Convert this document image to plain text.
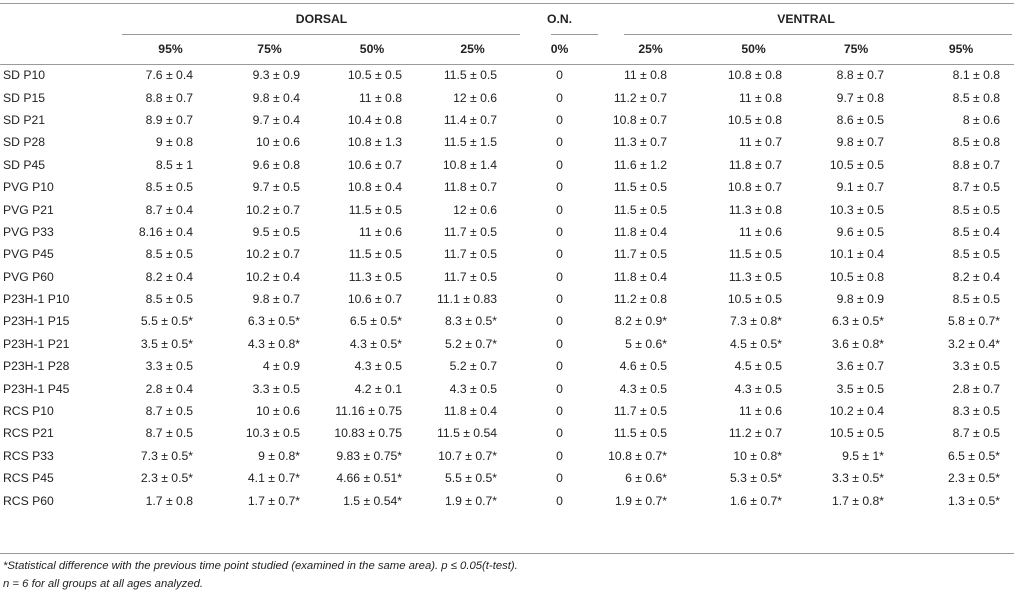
	DORSAL				O.N.	VENTRAL			
	95%	75%	50%	25%	0%	25%	50%	75%	95%
SD P10	7.6 ± 0.4	9.3 ± 0.9	10.5 ± 0.5	11.5 ± 0.5	0	11 ± 0.8	10.8 ± 0.8	8.8 ± 0.7	8.1 ± 0.8
SD P15	8.8 ± 0.7	9.8 ± 0.4	11 ± 0.8	12 ± 0.6	0	11.2 ± 0.7	11 ± 0.8	9.7 ± 0.8	8.5 ± 0.8
SD P21	8.9 ± 0.7	9.7 ± 0.4	10.4 ± 0.8	11.4 ± 0.7	0	10.8 ± 0.7	10.5 ± 0.8	8.6 ± 0.5	8 ± 0.6
SD P28	9 ± 0.8	10 ± 0.6	10.8 ± 1.3	11.5 ± 1.5	0	11.3 ± 0.7	11 ± 0.7	9.8 ± 0.7	8.5 ± 0.8
SD P45	8.5 ± 1	9.6 ± 0.8	10.6 ± 0.7	10.8 ± 1.4	0	11.6 ± 1.2	11.8 ± 0.7	10.5 ± 0.5	8.8 ± 0.7
PVG P10	8.5 ± 0.5	9.7 ± 0.5	10.8 ± 0.4	11.8 ± 0.7	0	11.5 ± 0.5	10.8 ± 0.7	9.1 ± 0.7	8.7 ± 0.5
PVG P21	8.7 ± 0.4	10.2 ± 0.7	11.5 ± 0.5	12 ± 0.6	0	11.5 ± 0.5	11.3 ± 0.8	10.3 ± 0.5	8.5 ± 0.5
PVG P33	8.16 ± 0.4	9.5 ± 0.5	11 ± 0.6	11.7 ± 0.5	0	11.8 ± 0.4	11 ± 0.6	9.6 ± 0.5	8.5 ± 0.4
PVG P45	8.5 ± 0.5	10.2 ± 0.7	11.5 ± 0.5	11.7 ± 0.5	0	11.7 ± 0.5	11.5 ± 0.5	10.1 ± 0.4	8.5 ± 0.5
PVG P60	8.2 ± 0.4	10.2 ± 0.4	11.3 ± 0.5	11.7 ± 0.5	0	11.8 ± 0.4	11.3 ± 0.5	10.5 ± 0.8	8.2 ± 0.4
P23H-1 P10	8.5 ± 0.5	9.8 ± 0.7	10.6 ± 0.7	11.1 ± 0.83	0	11.2 ± 0.8	10.5 ± 0.5	9.8 ± 0.9	8.5 ± 0.5
P23H-1 P15	5.5 ± 0.5*	6.3 ± 0.5*	6.5 ± 0.5*	8.3 ± 0.5*	0	8.2 ± 0.9*	7.3 ± 0.8*	6.3 ± 0.5*	5.8 ± 0.7*
P23H-1 P21	3.5 ± 0.5*	4.3 ± 0.8*	4.3 ± 0.5*	5.2 ± 0.7*	0	5 ± 0.6*	4.5 ± 0.5*	3.6 ± 0.8*	3.2 ± 0.4*
P23H-1 P28	3.3 ± 0.5	4 ± 0.9	4.3 ± 0.5	5.2 ± 0.7	0	4.6 ± 0.5	4.5 ± 0.5	3.6 ± 0.7	3.3 ± 0.5
P23H-1 P45	2.8 ± 0.4	3.3 ± 0.5	4.2 ± 0.1	4.3 ± 0.5	0	4.3 ± 0.5	4.3 ± 0.5	3.5 ± 0.5	2.8 ± 0.7
RCS P10	8.7 ± 0.5	10 ± 0.6	11.16 ± 0.75	11.8 ± 0.4	0	11.7 ± 0.5	11 ± 0.6	10.2 ± 0.4	8.3 ± 0.5
RCS P21	8.7 ± 0.5	10.3 ± 0.5	10.83 ± 0.75	11.5 ± 0.54	0	11.5 ± 0.5	11.2 ± 0.7	10.5 ± 0.5	8.7 ± 0.5
RCS P33	7.3 ± 0.5*	9 ± 0.8*	9.83 ± 0.75*	10.7 ± 0.7*	0	10.8 ± 0.7*	10 ± 0.8*	9.5 ± 1*	6.5 ± 0.5*
RCS P45	2.3 ± 0.5*	4.1 ± 0.7*	4.66 ± 0.51*	5.5 ± 0.5*	0	6 ± 0.6*	5.3 ± 0.5*	3.3 ± 0.5*	2.3 ± 0.5*
RCS P60	1.7 ± 0.8	1.7 ± 0.7*	1.5 ± 0.54*	1.9 ± 0.7*	0	1.9 ± 0.7*	1.6 ± 0.7*	1.7 ± 0.8*	1.3 ± 0.5*
*Statistical difference with the previous time point studied (examined in the same area). p ≤ 0.05(t-test).
n = 6 for all groups at all ages analyzed.
